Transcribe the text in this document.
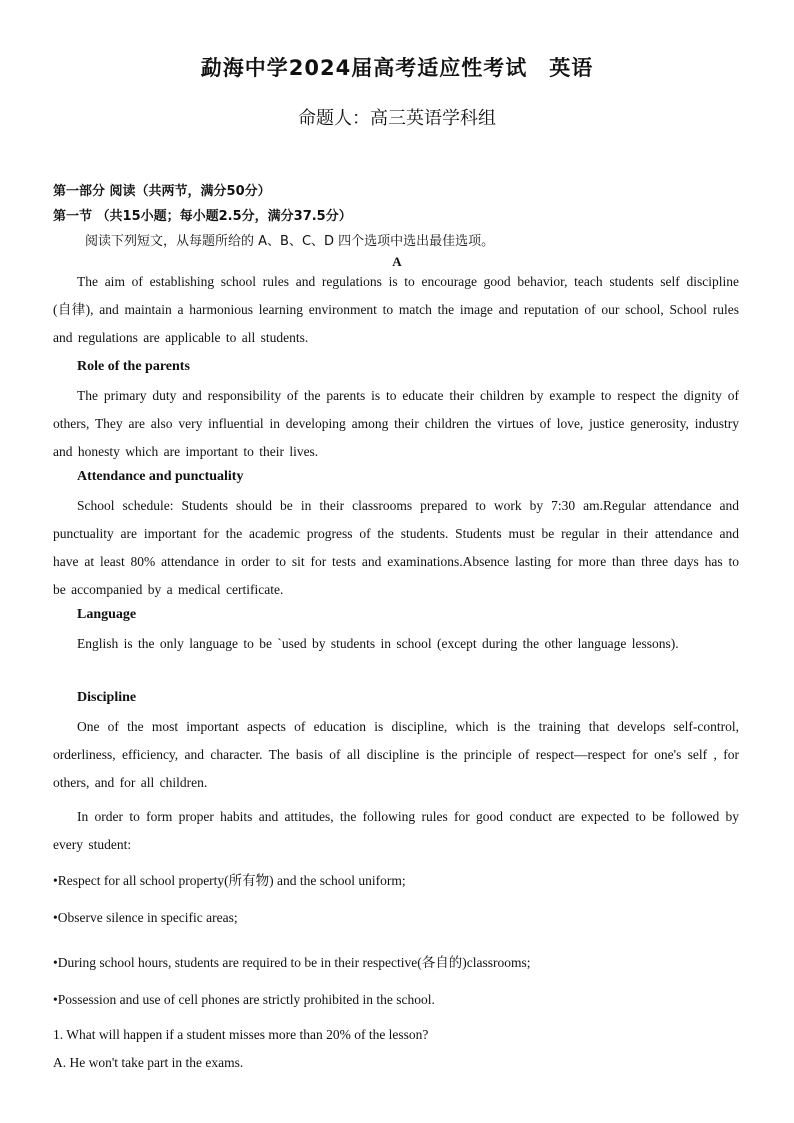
勐海中学2024届高考适应性考试　英语
命题人：高三英语学科组
第一部分 阅读（共两节，满分50分）
第一节 （共15小题；每小题2.5分，满分37.5分）
阅读下列短文，从每题所给的 A、B、C、D 四个选项中选出最佳选项。
A
The aim of establishing school rules and regulations is to encourage good behavior, teach students self discipline (自律), and maintain a harmonious learning environment to match the image and reputation of our school, School rules and regulations are applicable to all students.
Role of the parents
The primary duty and responsibility of the parents is to educate their children by example to respect the dignity of others, They are also very influential in developing among their children the virtues of love, justice generosity, industry and honesty which are important to their lives.
Attendance and punctuality
School schedule: Students should be in their classrooms prepared to work by 7:30 am.Regular attendance and punctuality are important for the academic progress of the students. Students must be regular in their attendance and have at least 80% attendance in order to sit for tests and examinations.Absence lasting for more than three days has to be accompanied by a medical certificate.
Language
English is the only language to be `used by students in school (except during the other language lessons).
Discipline
One of the most important aspects of education is discipline, which is the training that develops self-control, orderliness, efficiency, and character. The basis of all discipline is the principle of respect—respect for one's self , for others, and for all children.
In order to form proper habits and attitudes, the following rules for good conduct are expected to be followed by every student:
•Respect for all school property(所有物) and the school uniform;
•Observe silence in specific areas;
•During school hours, students are required to be in their respective(各自的)classrooms;
•Possession and use of cell phones are strictly prohibited in the school.
1. What will happen if a student misses more than 20% of the lesson?
A. He won't take part in the exams.
